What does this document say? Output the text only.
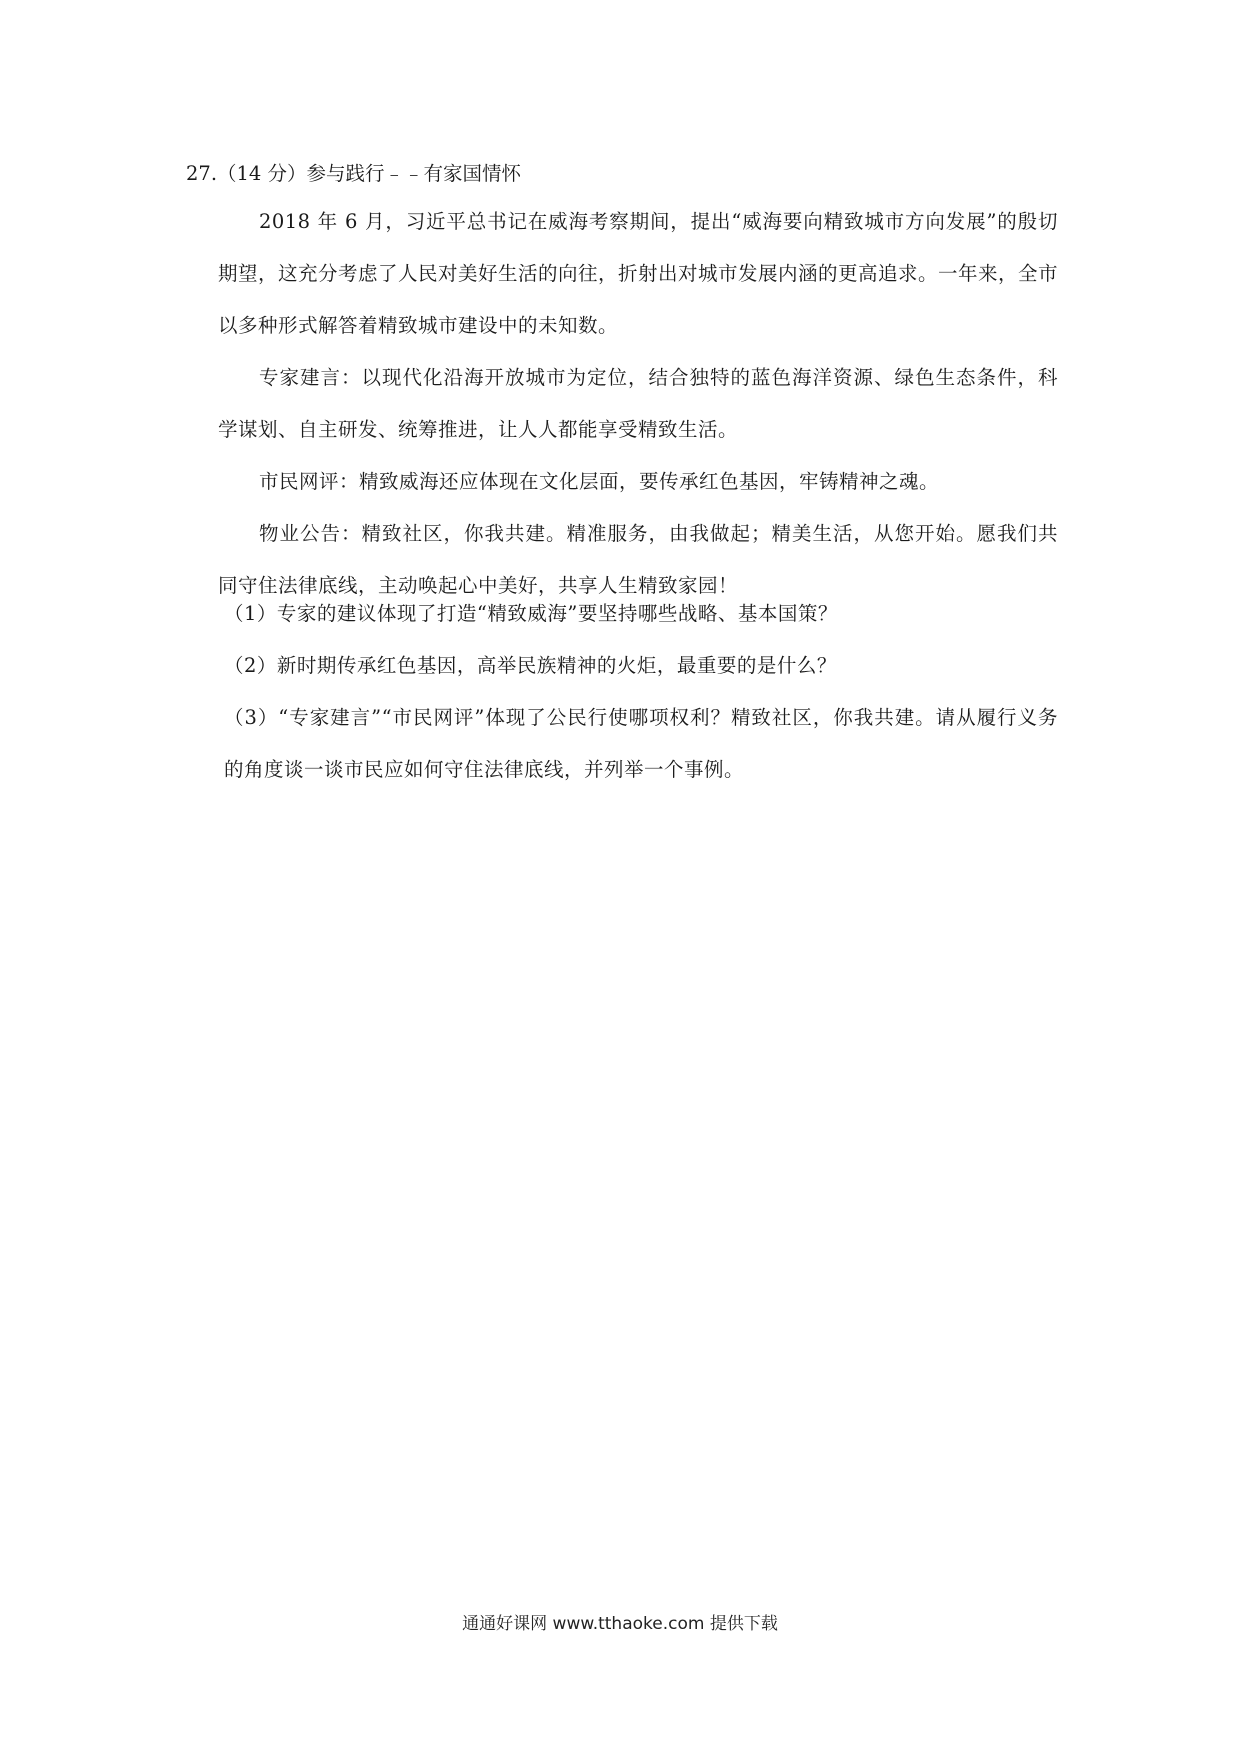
27.（14 分）参与践行﹣﹣有家国情怀
2018 年 6 月，习近平总书记在威海考察期间，提出“威海要向精致城市方向发展”的殷切期望，这充分考虑了人民对美好生活的向往，折射出对城市发展内涵的更高追求。一年来，全市以多种形式解答着精致城市建设中的未知数。
专家建言：以现代化沿海开放城市为定位，结合独特的蓝色海洋资源、绿色生态条件，科学谋划、自主研发、统筹推进，让人人都能享受精致生活。
市民网评：精致威海还应体现在文化层面，要传承红色基因，牢铸精神之魂。
物业公告：精致社区，你我共建。精准服务，由我做起；精美生活，从您开始。愿我们共同守住法律底线，主动唤起心中美好，共享人生精致家园！
（1）专家的建议体现了打造“精致威海”要坚持哪些战略、基本国策？
（2）新时期传承红色基因，高举民族精神的火炬，最重要的是什么？
（3）“专家建言”“市民网评”体现了公民行使哪项权利？精致社区，你我共建。请从履行义务的角度谈一谈市民应如何守住法律底线，并列举一个事例。
通通好课网 www.tthaoke.com 提供下载
